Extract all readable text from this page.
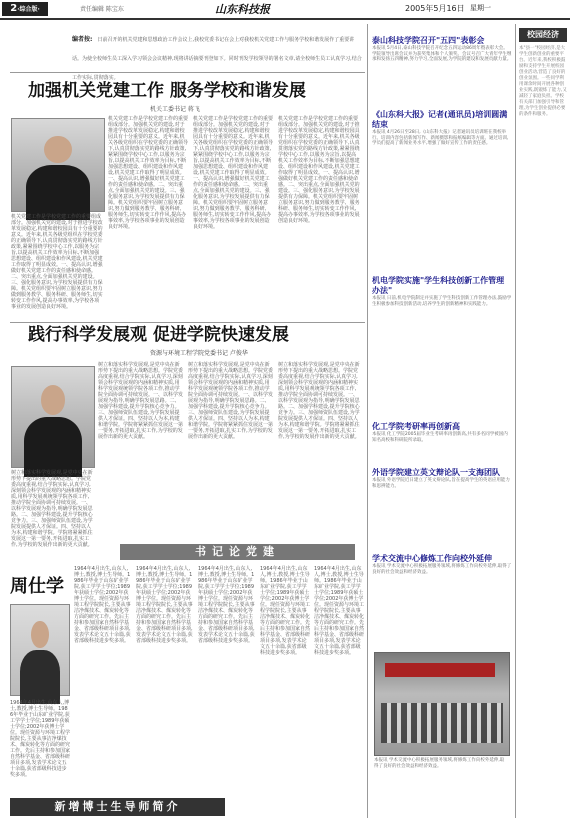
2·综合版·	责任编辑 陈宝东	山东科技报	2005年5月16日 星期一
编者按: 日前召开的机关党建和思想政治工作会议上,我校党委书记在会上对我校机关党建工作与服务学校和谐发展作了重要讲话。为使全校师生员工深入学习领会会议精神,现将讲话摘要刊登如下。同时刊发学校领导的署名文章,请全校师生员工认真学习,结合工作实际,贯彻落实。
加强机关党建工作 服务学校和谐发展
机关工委书记 蒋飞
机关党建工作是学校党建工作的重要组成部分。加强机关党的建设,对于推进学校改革发展稳定,构建和谐校园具有十分重要的意义。近年来,机关各级党组织在学校党委的正确领导下,认真贯彻落实党的路线方针政策,紧紧围绕学校中心工作,以服务为宗旨,以提高机关工作效率为目标,不断加强思想建设、组织建设和作风建设,机关党建工作取得了明显成效。一、提高认识,增强做好机关党建工作的责任感和使命感。二、突出重点,全面加强机关党的建设。三、强化服务意识,为学校发展提供有力保障。机关党组织要牢固树立服务意识,努力做到服务教学、服务科研、服务师生,切实转变工作作风,提高办事效率,为学校各项事业的发展创造良好环境。
机关党建工作是学校党建工作的重要组成部分。加强机关党的建设,对于推进学校改革发展稳定,构建和谐校园具有十分重要的意义。近年来,机关各级党组织在学校党委的正确领导下,认真贯彻落实党的路线方针政策,紧紧围绕学校中心工作,以服务为宗旨,以提高机关工作效率为目标,不断加强思想建设、组织建设和作风建设,机关党建工作取得了明显成效。一、提高认识,增强做好机关党建工作的责任感和使命感。二、突出重点,全面加强机关党的建设。三、强化服务意识,为学校发展提供有力保障。机关党组织要牢固树立服务意识,努力做到服务教学、服务科研、服务师生,切实转变工作作风,提高办事效率,为学校各项事业的发展创造良好环境。
机关党建工作是学校党建工作的重要组成部分。加强机关党的建设,对于推进学校改革发展稳定,构建和谐校园具有十分重要的意义。近年来,机关各级党组织在学校党委的正确领导下,认真贯彻落实党的路线方针政策,紧紧围绕学校中心工作,以服务为宗旨,以提高机关工作效率为目标,不断加强思想建设、组织建设和作风建设,机关党建工作取得了明显成效。一、提高认识,增强做好机关党建工作的责任感和使命感。二、突出重点,全面加强机关党的建设。三、强化服务意识,为学校发展提供有力保障。机关党组织要牢固树立服务意识,努力做到服务教学、服务科研、服务师生,切实转变工作作风,提高办事效率,为学校各项事业的发展创造良好环境。
机关党建工作是学校党建工作的重要组成部分。加强机关党的建设,对于推进学校改革发展稳定,构建和谐校园具有十分重要的意义。近年来,机关各级党组织在学校党委的正确领导下,认真贯彻落实党的路线方针政策,紧紧围绕学校中心工作,以服务为宗旨,以提高机关工作效率为目标,不断加强思想建设、组织建设和作风建设,机关党建工作取得了明显成效。一、提高认识,增强做好机关党建工作的责任感和使命感。二、突出重点,全面加强机关党的建设。三、强化服务意识,为学校发展提供有力保障。机关党组织要牢固树立服务意识,努力做到服务教学、服务科研、服务师生,切实转变工作作风,提高办事效率,为学校各项事业的发展创造良好环境。
践行科学发展观 促进学院快速发展
资源与环境工程学院党委书记 卢俊华
树立和落实科学发展观,是党中央在新形势下提出的重大战略思想。学院党委高度重视,结合学院实际,认真学习,深刻领会科学发展观的内涵和精神实质,用科学发展观统领学院各项工作,推动学院全面协调可持续发展。一、以科学发展观为指导,明确学院发展思路。二、加强学科建设,提升学院核心竞争力。三、加强师资队伍建设,为学院发展提供人才保证。四、坚持以人为本,构建和谐学院。学院将紧紧抓住发展这一第一要务,开拓进取,扎实工作,为学校的发展作出新的更大贡献。
树立和落实科学发展观,是党中央在新形势下提出的重大战略思想。学院党委高度重视,结合学院实际,认真学习,深刻领会科学发展观的内涵和精神实质,用科学发展观统领学院各项工作,推动学院全面协调可持续发展。一、以科学发展观为指导,明确学院发展思路。二、加强学科建设,提升学院核心竞争力。三、加强师资队伍建设,为学院发展提供人才保证。四、坚持以人为本,构建和谐学院。学院将紧紧抓住发展这一第一要务,开拓进取,扎实工作,为学校的发展作出新的更大贡献。
树立和落实科学发展观,是党中央在新形势下提出的重大战略思想。学院党委高度重视,结合学院实际,认真学习,深刻领会科学发展观的内涵和精神实质,用科学发展观统领学院各项工作,推动学院全面协调可持续发展。一、以科学发展观为指导,明确学院发展思路。二、加强学科建设,提升学院核心竞争力。三、加强师资队伍建设,为学院发展提供人才保证。四、坚持以人为本,构建和谐学院。学院将紧紧抓住发展这一第一要务,开拓进取,扎实工作,为学校的发展作出新的更大贡献。
树立和落实科学发展观,是党中央在新形势下提出的重大战略思想。学院党委高度重视,结合学院实际,认真学习,深刻领会科学发展观的内涵和精神实质,用科学发展观统领学院各项工作,推动学院全面协调可持续发展。一、以科学发展观为指导,明确学院发展思路。二、加强学科建设,提升学院核心竞争力。三、加强师资队伍建设,为学院发展提供人才保证。四、坚持以人为本,构建和谐学院。学院将紧紧抓住发展这一第一要务,开拓进取,扎实工作,为学校的发展作出新的更大贡献。
书记论党建
周仕学
1964年4月出生,山东人,博士,教授,博士生导师。1986年毕业于山东矿业学院,获工学学士学位;1989年获硕士学位;2002年获博士学位。现任资源与环境工程学院院长,主要从事洁净煤技术、煤炭转化等方面的研究工作。先后主持和参加国家自然科学基金、省部级科研项目多项,发表学术论文五十余篇,获省部级科技进步奖多项。
1964年4月出生,山东人,博士,教授,博士生导师。1986年毕业于山东矿业学院,获工学学士学位;1989年获硕士学位;2002年获博士学位。现任资源与环境工程学院院长,主要从事洁净煤技术、煤炭转化等方面的研究工作。先后主持和参加国家自然科学基金、省部级科研项目多项,发表学术论文五十余篇,获省部级科技进步奖多项。
1964年4月出生,山东人,博士,教授,博士生导师。1986年毕业于山东矿业学院,获工学学士学位;1989年获硕士学位;2002年获博士学位。现任资源与环境工程学院院长,主要从事洁净煤技术、煤炭转化等方面的研究工作。先后主持和参加国家自然科学基金、省部级科研项目多项,发表学术论文五十余篇,获省部级科技进步奖多项。
1964年4月出生,山东人,博士,教授,博士生导师。1986年毕业于山东矿业学院,获工学学士学位;1989年获硕士学位;2002年获博士学位。现任资源与环境工程学院院长,主要从事洁净煤技术、煤炭转化等方面的研究工作。先后主持和参加国家自然科学基金、省部级科研项目多项,发表学术论文五十余篇,获省部级科技进步奖多项。
1964年4月出生,山东人,博士,教授,博士生导师。1986年毕业于山东矿业学院,获工学学士学位;1989年获硕士学位;2002年获博士学位。现任资源与环境工程学院院长,主要从事洁净煤技术、煤炭转化等方面的研究工作。先后主持和参加国家自然科学基金、省部级科研项目多项,发表学术论文五十余篇,获省部级科技进步奖多项。
1964年4月出生,山东人,博士,教授,博士生导师。1986年毕业于山东矿业学院,获工学学士学位;1989年获硕士学位;2002年获博士学位。现任资源与环境工程学院院长,主要从事洁净煤技术、煤炭转化等方面的研究工作。先后主持和参加国家自然科学基金、省部级科研项目多项,发表学术论文五十余篇,获省部级科技进步奖多项。
新增博士生导师简介
泰山科技学院召开"五四"表彰会
本报讯 5月4日,泰山科技学院召开纪念五四运动86周年暨表彰大会。学院领导出席会议并为获奖集体和个人颁奖。会议号召广大青年学生继承和发扬五四精神,努力学习,全面发展,为学院的建设和发展贡献力量。
《山东科大报》记者(通讯员)培训圆满结束
本报讯 4月26日至28日,《山东科大报》记者通讯员培训班在我校举行。培训内容包括新闻写作、新闻摄影和报纸编辑等方面。通过培训,学员们提高了新闻业务水平,增强了做好宣传工作的责任感。
机电学院实施"学生科技创新工作管理办法"
本报讯 日前,机电学院制定并实施了学生科技创新工作管理办法,鼓励学生积极参加科技创新活动,培养学生的创新精神和实践能力。
化工学院考研率再创新高
本报讯 化工学院2005届毕业生考研率再创新高,共有多名同学被国内知名高校和科研院所录取。
外语学院建立英文辩论队一支海团队
本报讯 外语学院近日建立了英文辩论队,旨在提高学生的英语应用能力和思辨能力。
学术交流中心修炼工作向校外延伸
本报讯 学术交流中心积极拓展服务领域,将修炼工作向校外延伸,取得了良好的社会效益和经济效益。
本报讯 学术交流中心积极拓展服务领域,将修炼工作向校外延伸,取得了良好的社会效益和经济效益。
校园经济
本"县一"校园经济,是大学生创新创业的重要平台。近年来,我校积极鼓励和支持学生开展校园创业活动,营造了良好的创业氛围。一些同学利用课余时间开展各种创业实践,既锻炼了能力,又减轻了家庭负担。学校有关部门加强引导和管理,为学生创业提供必要的条件和服务。
